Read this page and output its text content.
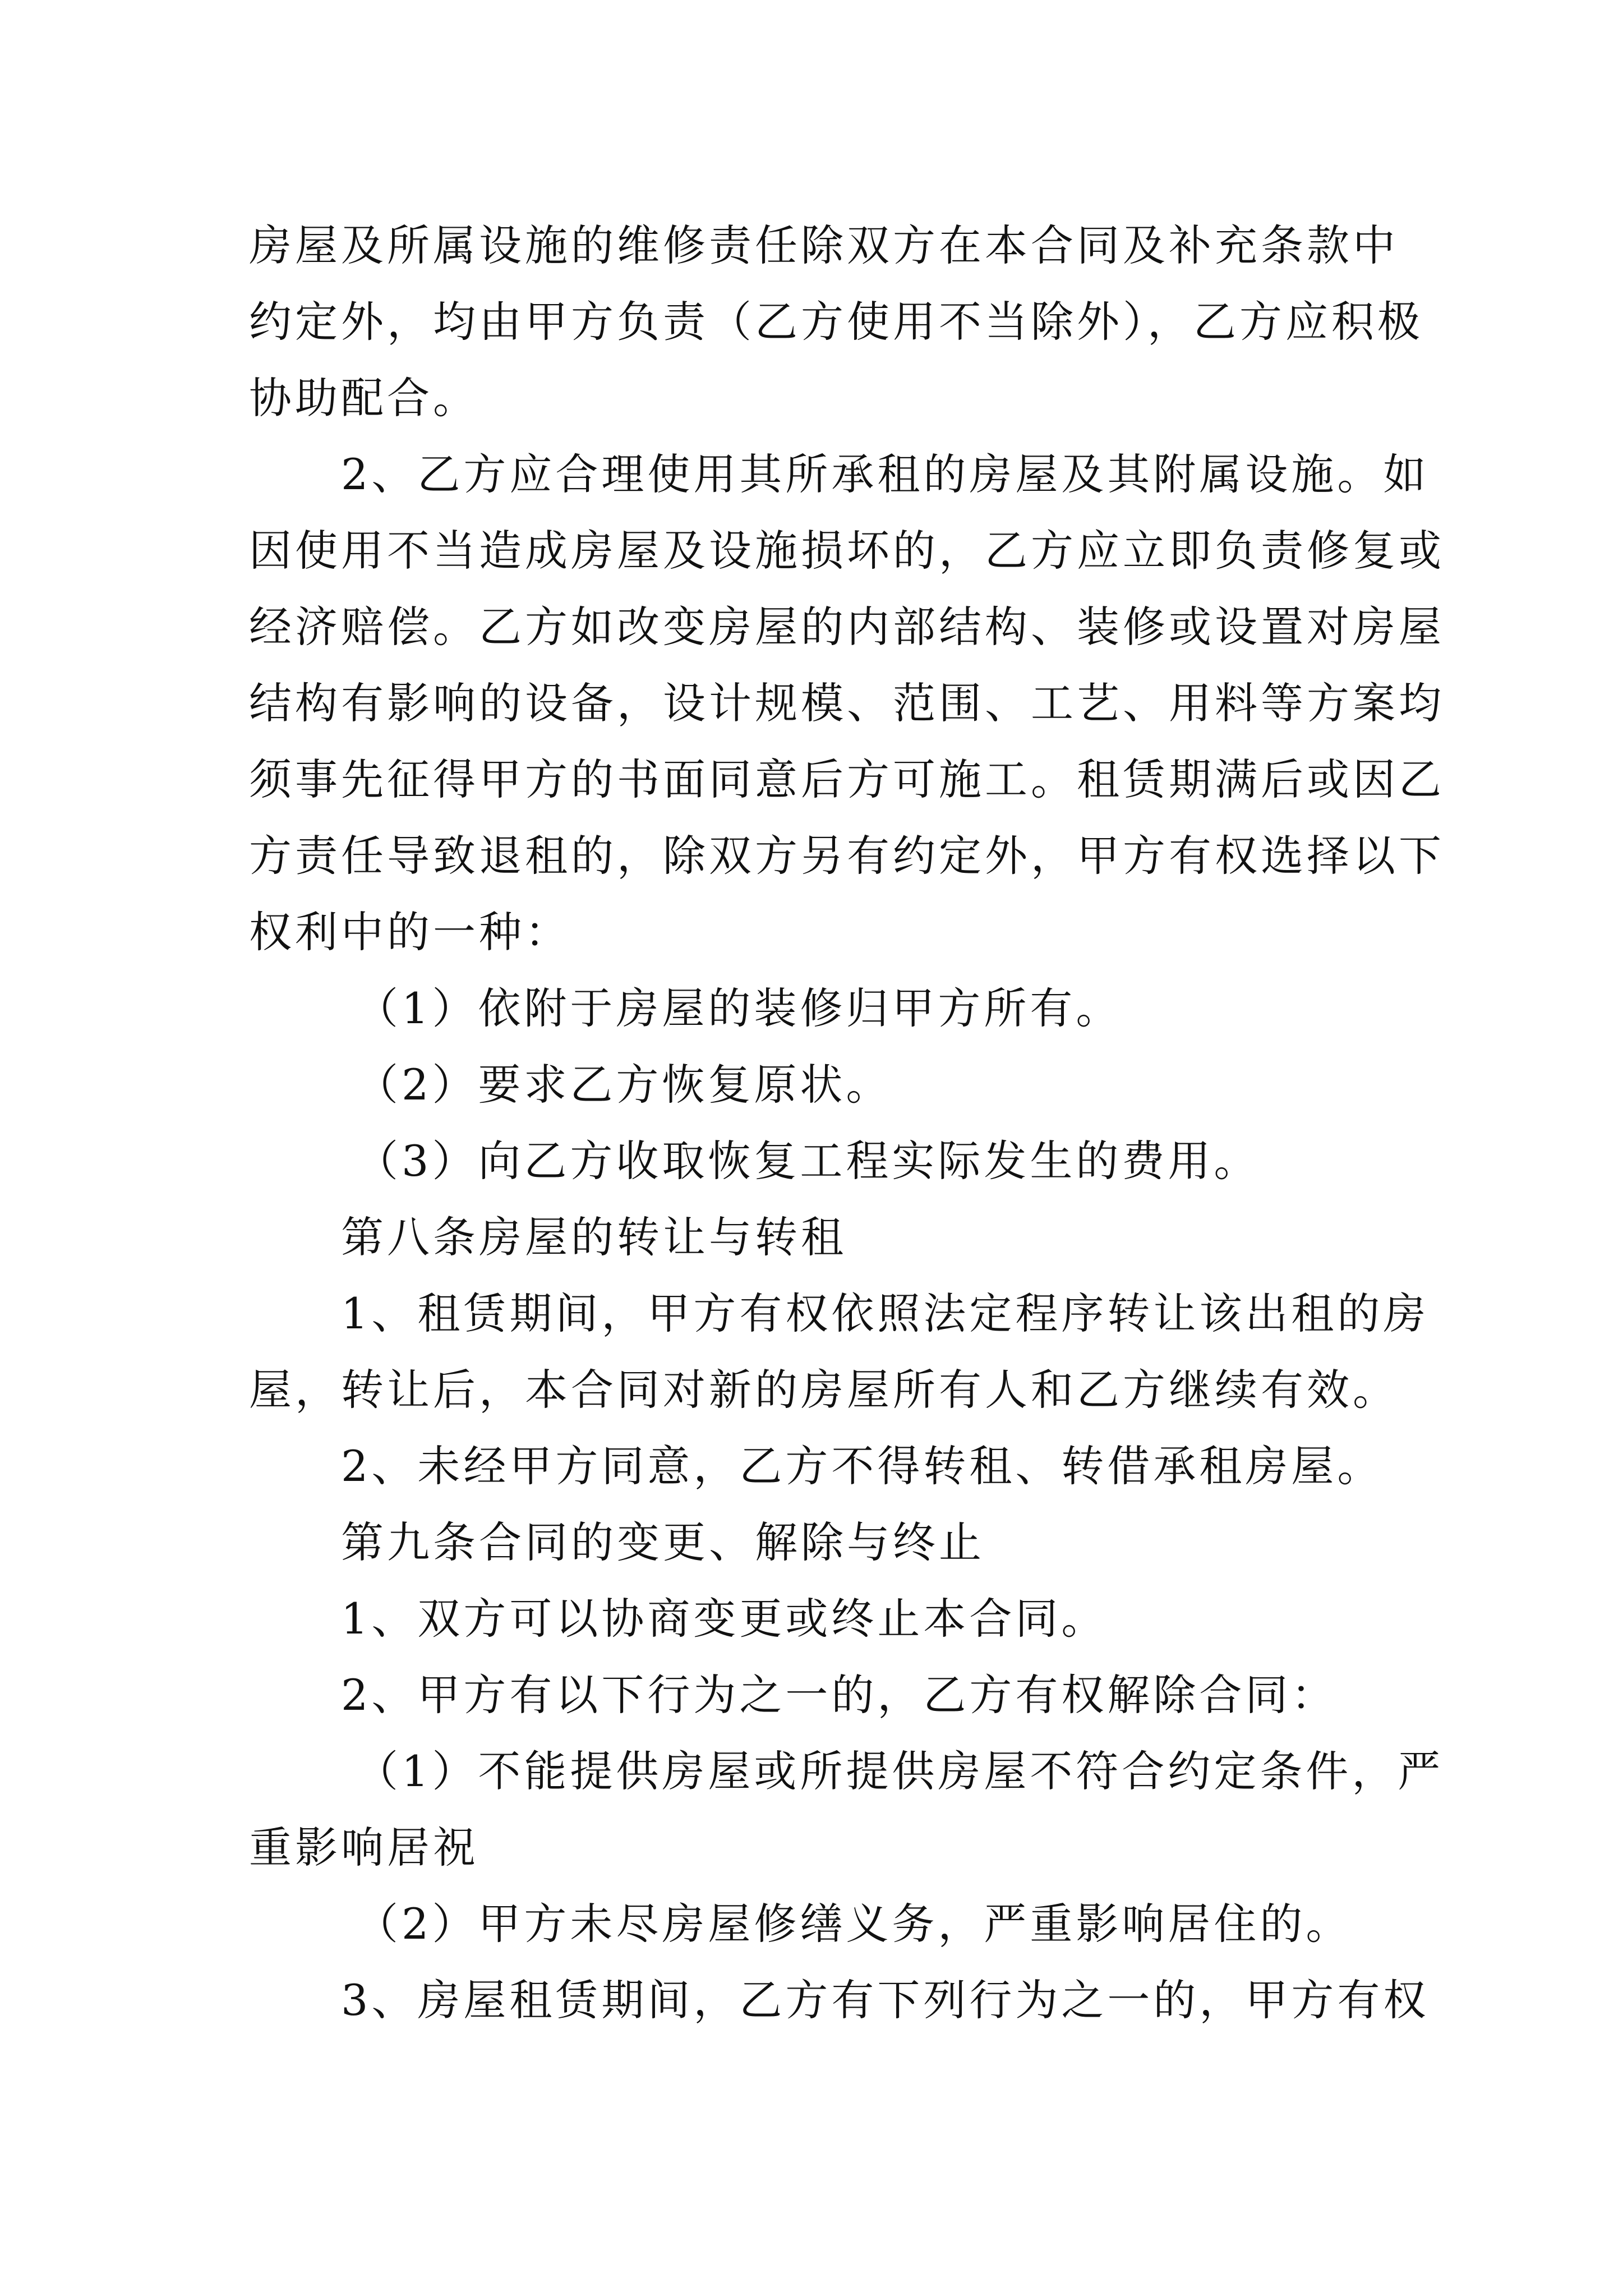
房屋及所属设施的维修责任除双方在本合同及补充条款中
约定外，均由甲方负责（乙方使用不当除外），乙方应积极
协助配合。
2、乙方应合理使用其所承租的房屋及其附属设施。如
因使用不当造成房屋及设施损坏的，乙方应立即负责修复或
经济赔偿。乙方如改变房屋的内部结构、装修或设置对房屋
结构有影响的设备，设计规模、范围、工艺、用料等方案均
须事先征得甲方的书面同意后方可施工。租赁期满后或因乙
方责任导致退租的，除双方另有约定外，甲方有权选择以下
权利中的一种：
（1）依附于房屋的装修归甲方所有。
（2）要求乙方恢复原状。
（3）向乙方收取恢复工程实际发生的费用。
第八条房屋的转让与转租
1、租赁期间，甲方有权依照法定程序转让该出租的房
屋，转让后，本合同对新的房屋所有人和乙方继续有效。
2、未经甲方同意，乙方不得转租、转借承租房屋。
第九条合同的变更、解除与终止
1、双方可以协商变更或终止本合同。
2、甲方有以下行为之一的，乙方有权解除合同：
（1）不能提供房屋或所提供房屋不符合约定条件，严
重影响居祝
（2）甲方未尽房屋修缮义务，严重影响居住的。
3、房屋租赁期间，乙方有下列行为之一的，甲方有权
